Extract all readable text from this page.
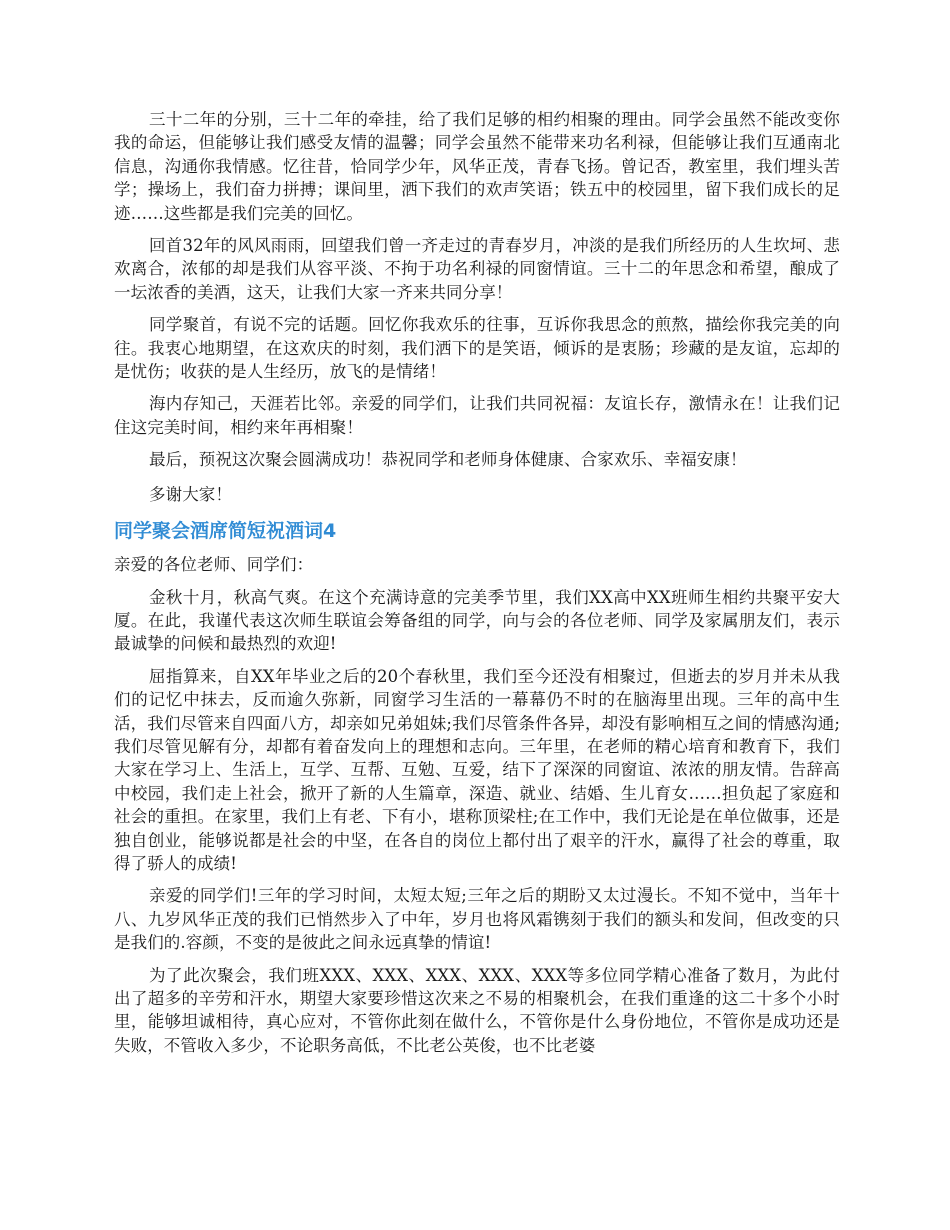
三十二年的分别，三十二年的牵挂，给了我们足够的相约相聚的理由。同学会虽然不能改变你我的命运，但能够让我们感受友情的温馨；同学会虽然不能带来功名利禄，但能够让我们互通南北信息，沟通你我情感。忆往昔，恰同学少年，风华正茂，青春飞扬。曾记否，教室里，我们埋头苦学；操场上，我们奋力拼搏；课间里，洒下我们的欢声笑语；铁五中的校园里，留下我们成长的足迹……这些都是我们完美的回忆。

回首32年的风风雨雨，回望我们曾一齐走过的青春岁月，冲淡的是我们所经历的人生坎坷、悲欢离合，浓郁的却是我们从容平淡、不拘于功名利禄的同窗情谊。三十二的年思念和希望，酿成了一坛浓香的美酒，这天，让我们大家一齐来共同分享！

同学聚首，有说不完的话题。回忆你我欢乐的往事，互诉你我思念的煎熬，描绘你我完美的向往。我衷心地期望，在这欢庆的时刻，我们洒下的是笑语，倾诉的是衷肠；珍藏的是友谊，忘却的是忧伤；收获的是人生经历，放飞的是情绪！

海内存知己，天涯若比邻。亲爱的同学们，让我们共同祝福：友谊长存，激情永在！让我们记住这完美时间，相约来年再相聚！

最后，预祝这次聚会圆满成功！恭祝同学和老师身体健康、合家欢乐、幸福安康！

多谢大家！

同学聚会酒席简短祝酒词4

亲爱的各位老师、同学们：

金秋十月，秋高气爽。在这个充满诗意的完美季节里，我们XX高中XX班师生相约共聚平安大厦。在此，我谨代表这次师生联谊会筹备组的同学，向与会的各位老师、同学及家属朋友们，表示最诚挚的问候和最热烈的欢迎!

屈指算来，自XX年毕业之后的20个春秋里，我们至今还没有相聚过，但逝去的岁月并未从我们的记忆中抹去，反而逾久弥新，同窗学习生活的一幕幕仍不时的在脑海里出现。三年的高中生活，我们尽管来自四面八方，却亲如兄弟姐妹;我们尽管条件各异，却没有影响相互之间的情感沟通;我们尽管见解有分，却都有着奋发向上的理想和志向。三年里，在老师的精心培育和教育下，我们大家在学习上、生活上，互学、互帮、互勉、互爱，结下了深深的同窗谊、浓浓的朋友情。告辞高中校园，我们走上社会，掀开了新的人生篇章，深造、就业、结婚、生儿育女……担负起了家庭和社会的重担。在家里，我们上有老、下有小，堪称顶梁柱;在工作中，我们无论是在单位做事，还是独自创业，能够说都是社会的中坚，在各自的岗位上都付出了艰辛的汗水，赢得了社会的尊重，取得了骄人的成绩!

亲爱的同学们!三年的学习时间，太短太短;三年之后的期盼又太过漫长。不知不觉中，当年十八、九岁风华正茂的我们已悄然步入了中年，岁月也将风霜镌刻于我们的额头和发间，但改变的只是我们的.容颜，不变的是彼此之间永远真挚的情谊!

为了此次聚会，我们班XXX、XXX、XXX、XXX、XXX等多位同学精心准备了数月，为此付出了超多的辛劳和汗水，期望大家要珍惜这次来之不易的相聚机会，在我们重逢的这二十多个小时里，能够坦诚相待，真心应对，不管你此刻在做什么，不管你是什么身份地位，不管你是成功还是失败，不管收入多少，不论职务高低，不比老公英俊，也不比老婆
